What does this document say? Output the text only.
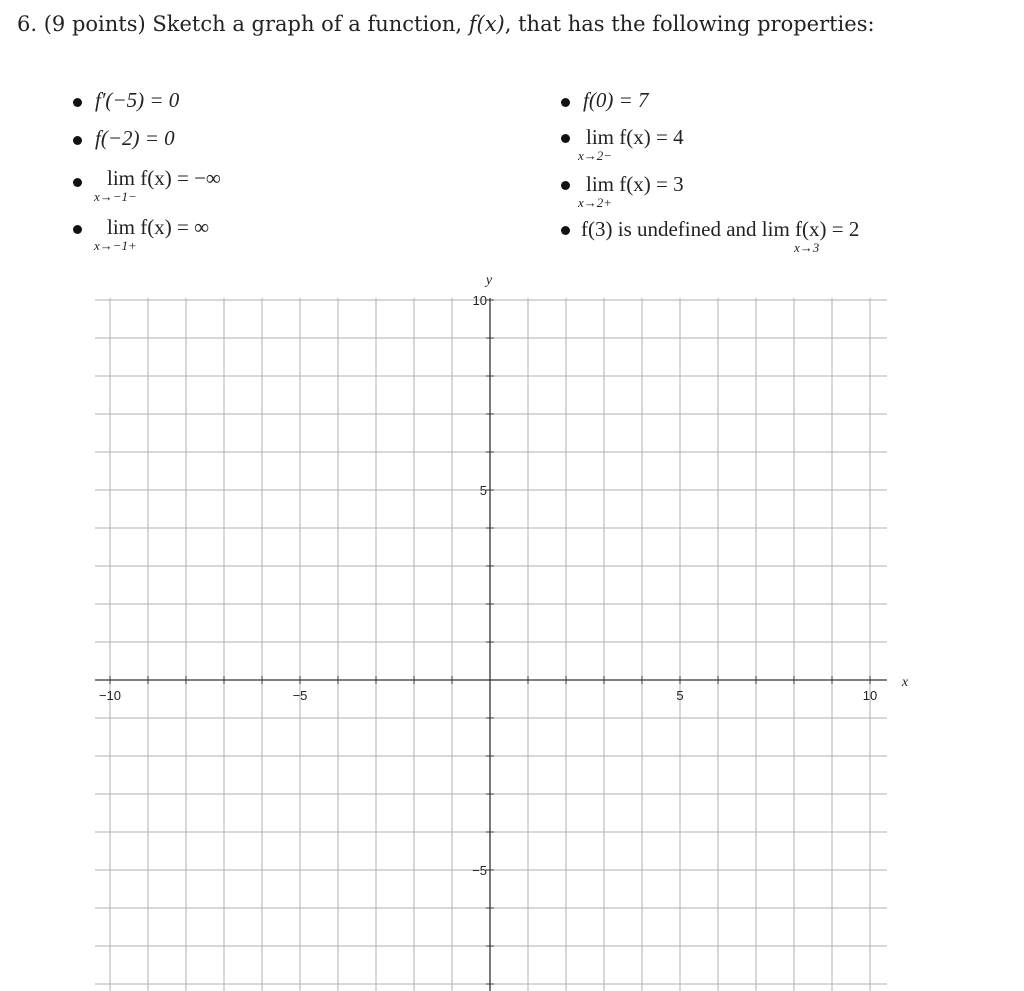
6. (9 points) Sketch a graph of a function, f(x), that has the following properties:
f′(−5) = 0
f(−2) = 0
lim f(x) = −∞
x→−1−
lim f(x) = ∞
x→−1+
f(0) = 7
lim f(x) = 4
x→2−
lim f(x) = 3
x→2+
f(3) is undefined and lim f(x) = 2
x→3
−10	−5	5	10
10
5
−5
x
y
